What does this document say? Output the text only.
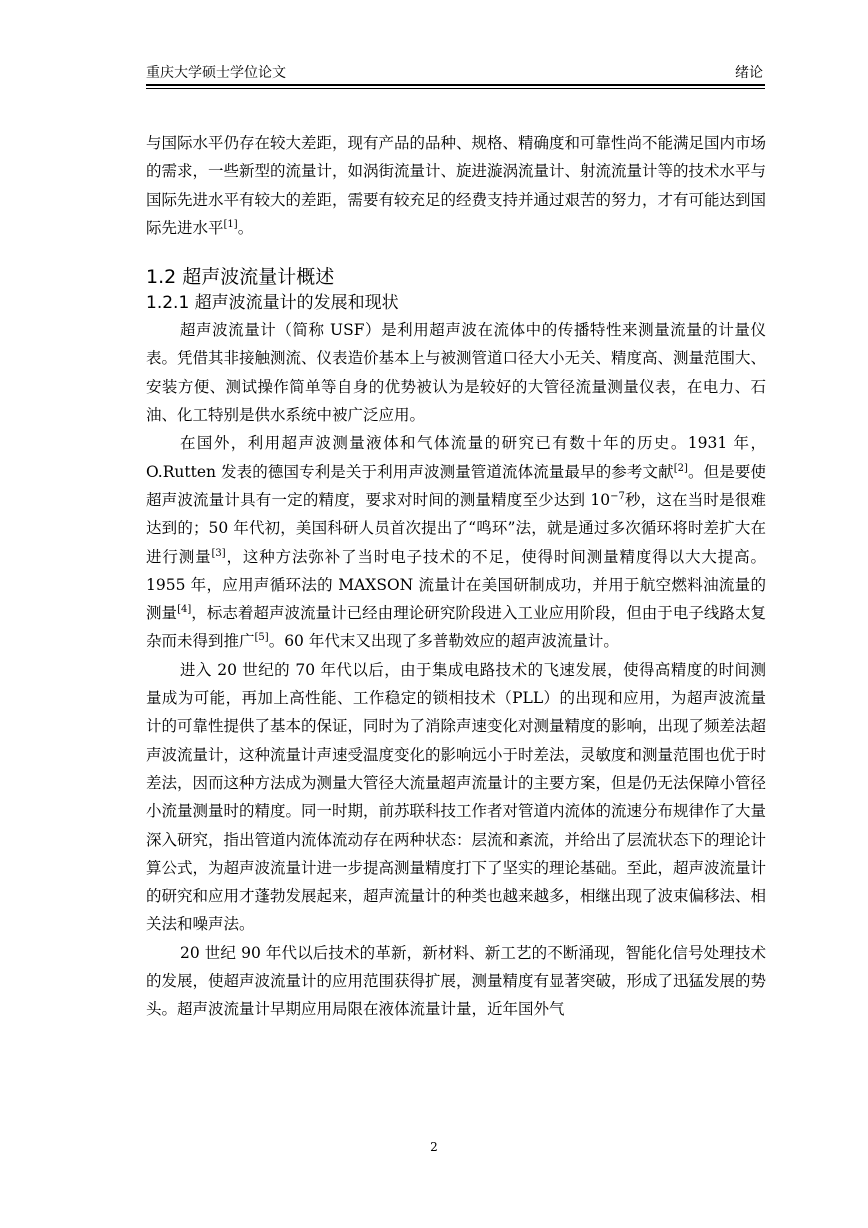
重庆大学硕士学位论文	绪论

与国际水平仍存在较大差距，现有产品的品种、规格、精确度和可靠性尚不能满足国内市场的需求，一些新型的流量计，如涡街流量计、旋进漩涡流量计、射流流量计等的技术水平与国际先进水平有较大的差距，需要有较充足的经费支持并通过艰苦的努力，才有可能达到国际先进水平[1]。

1.2 超声波流量计概述
1.2.1 超声波流量计的发展和现状

超声波流量计（简称 USF）是利用超声波在流体中的传播特性来测量流量的计量仪表。凭借其非接触测流、仪表造价基本上与被测管道口径大小无关、精度高、测量范围大、安装方便、测试操作简单等自身的优势被认为是较好的大管径流量测量仪表，在电力、石油、化工特别是供水系统中被广泛应用。

在国外，利用超声波测量液体和气体流量的研究已有数十年的历史。1931 年，O.Rutten 发表的德国专利是关于利用声波测量管道流体流量最早的参考文献[2]。但是要使超声波流量计具有一定的精度，要求对时间的测量精度至少达到 $10^{-7}$秒，这在当时是很难达到的；50 年代初，美国科研人员首次提出了“鸣环”法，就是通过多次循环将时差扩大在进行测量[3]，这种方法弥补了当时电子技术的不足，使得时间测量精度得以大大提高。1955 年，应用声循环法的 MAXSON 流量计在美国研制成功，并用于航空燃料油流量的测量[4]，标志着超声波流量计已经由理论研究阶段进入工业应用阶段，但由于电子线路太复杂而未得到推广[5]。60 年代末又出现了多普勒效应的超声波流量计。

进入 20 世纪的 70 年代以后，由于集成电路技术的飞速发展，使得高精度的时间测量成为可能，再加上高性能、工作稳定的锁相技术（PLL）的出现和应用，为超声波流量计的可靠性提供了基本的保证，同时为了消除声速变化对测量精度的影响，出现了频差法超声波流量计，这种流量计声速受温度变化的影响远小于时差法，灵敏度和测量范围也优于时差法，因而这种方法成为测量大管径大流量超声流量计的主要方案，但是仍无法保障小管径小流量测量时的精度。同一时期，前苏联科技工作者对管道内流体的流速分布规律作了大量深入研究，指出管道内流体流动存在两种状态：层流和紊流，并给出了层流状态下的理论计算公式，为超声波流量计进一步提高测量精度打下了坚实的理论基础。至此，超声波流量计的研究和应用才蓬勃发展起来，超声流量计的种类也越来越多，相继出现了波束偏移法、相关法和噪声法。

20 世纪 90 年代以后技术的革新，新材料、新工艺的不断涌现，智能化信号处理技术的发展，使超声波流量计的应用范围获得扩展，测量精度有显著突破，形成了迅猛发展的势头。超声波流量计早期应用局限在液体流量计量，近年国外气

2
